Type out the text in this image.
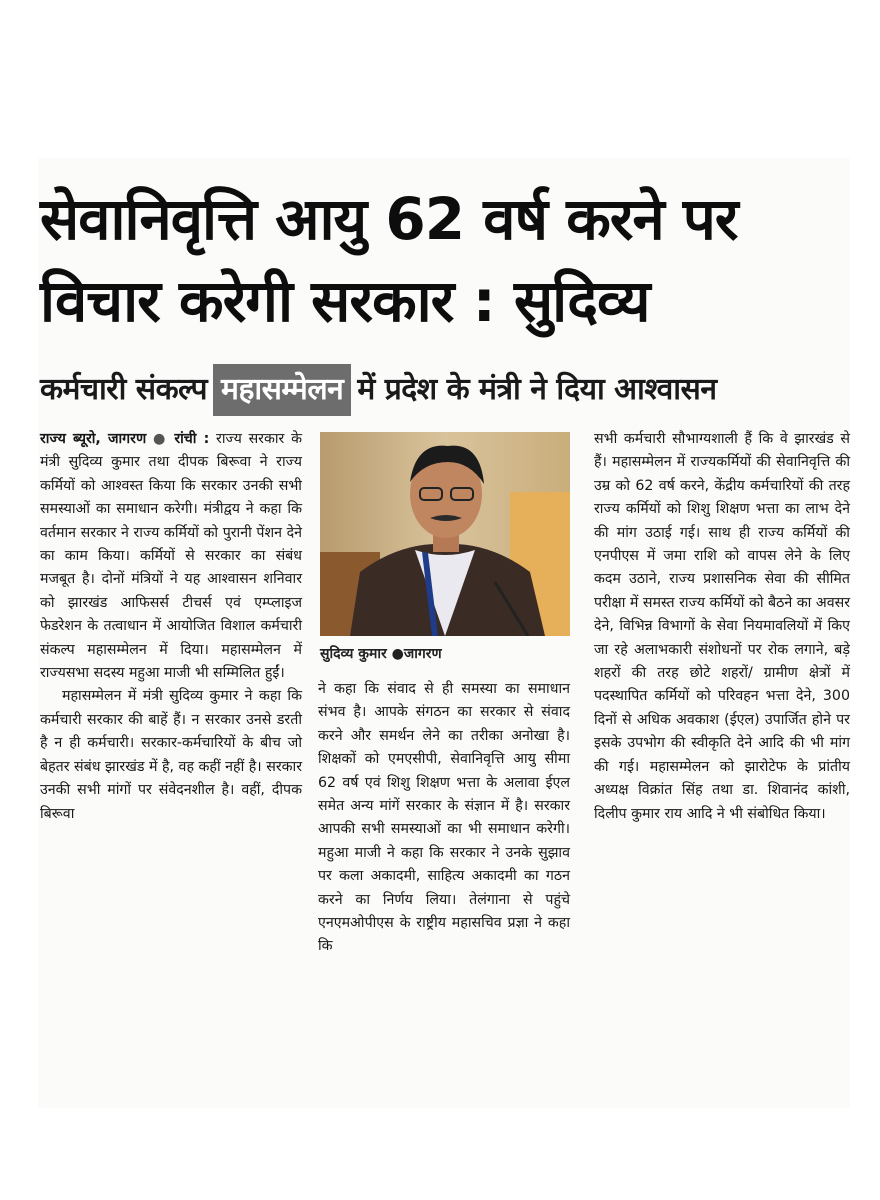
सेवानिवृत्ति आयु 62 वर्ष करने पर
विचार करेगी सरकार : सुदिव्य
कर्मचारी संकल्प महासम्मेलन में प्रदेश के मंत्री ने दिया आश्वासन

राज्य ब्यूरो, जागरण ● रांची : राज्य सरकार के मंत्री सुदिव्य कुमार तथा दीपक बिरूवा ने राज्य कर्मियों को आश्वस्त किया कि सरकार उनकी सभी समस्याओं का समाधान करेगी। मंत्रीद्वय ने कहा कि वर्तमान सरकार ने राज्य कर्मियों को पुरानी पेंशन देने का काम किया। कर्मियों से सरकार का संबंध मजबूत है। दोनों मंत्रियों ने यह आश्वासन शनिवार को झारखंड आफिसर्स टीचर्स एवं एम्प्लाइज फेडरेशन के तत्वाधान में आयोजित विशाल कर्मचारी संकल्प महासम्मेलन में दिया। महासम्मेलन में राज्यसभा सदस्य महुआ माजी भी सम्मिलित हुईं।

महासम्मेलन में मंत्री सुदिव्य कुमार ने कहा कि कर्मचारी सरकार की बाहें हैं। न सरकार उनसे डरती है न ही कर्मचारी। सरकार-कर्मचारियों के बीच जो बेहतर संबंध झारखंड में है, वह कहीं नहीं है। सरकार उनकी सभी मांगों पर संवेदनशील है। वहीं, दीपक बिरूवा

सुदिव्य कुमार ●जागरण

ने कहा कि संवाद से ही समस्या का समाधान संभव है। आपके संगठन का सरकार से संवाद करने और समर्थन लेने का तरीका अनोखा है। शिक्षकों को एमएसीपी, सेवानिवृत्ति आयु सीमा 62 वर्ष एवं शिशु शिक्षण भत्ता के अलावा ईएल समेत अन्य मांगें सरकार के संज्ञान में है। सरकार आपकी सभी समस्याओं का भी समाधान करेगी। महुआ माजी ने कहा कि सरकार ने उनके सुझाव पर कला अकादमी, साहित्य अकादमी का गठन करने का निर्णय लिया। तेलंगाना से पहुंचे एनएमओपीएस के राष्ट्रीय महासचिव प्रज्ञा ने कहा कि

सभी कर्मचारी सौभाग्यशाली हैं कि वे झारखंड से हैं। महासम्मेलन में राज्यकर्मियों की सेवानिवृत्ति की उम्र को 62 वर्ष करने, केंद्रीय कर्मचारियों की तरह राज्य कर्मियों को शिशु शिक्षण भत्ता का लाभ देने की मांग उठाई गई। साथ ही राज्य कर्मियों की एनपीएस में जमा राशि को वापस लेने के लिए कदम उठाने, राज्य प्रशासनिक सेवा की सीमित परीक्षा में समस्त राज्य कर्मियों को बैठने का अवसर देने, विभिन्न विभागों के सेवा नियमावलियों में किए जा रहे अलाभकारी संशोधनों पर रोक लगाने, बड़े शहरों की तरह छोटे शहरों/ ग्रामीण क्षेत्रों में पदस्थापित कर्मियों को परिवहन भत्ता देने, 300 दिनों से अधिक अवकाश (ईएल) उपार्जित होने पर इसके उपभोग की स्वीकृति देने आदि की भी मांग की गई। महासम्मेलन को झारोटेफ के प्रांतीय अध्यक्ष विक्रांत सिंह तथा डा. शिवानंद कांशी, दिलीप कुमार राय आदि ने भी संबोधित किया।
